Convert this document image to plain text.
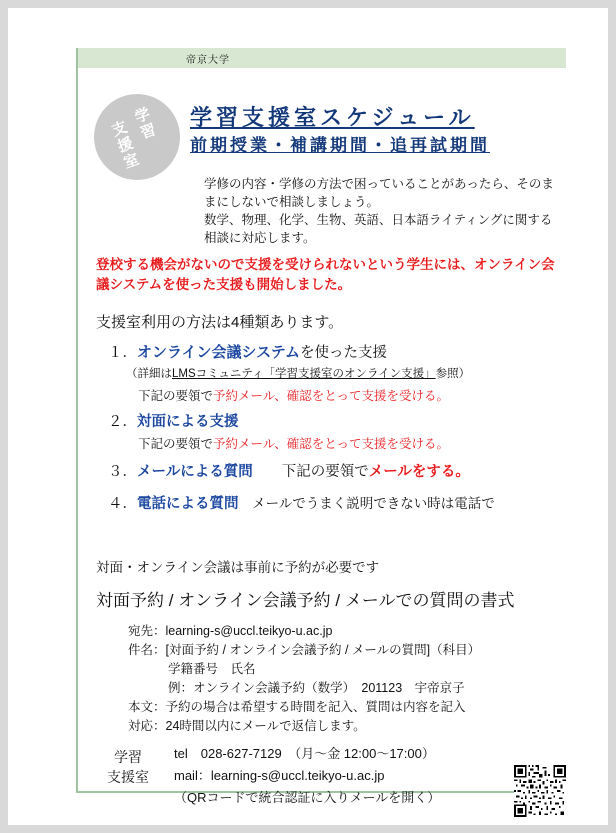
帝京大学
学習
支援室
学習支援室スケジュール
前期授業・補講期間・追再試期間
学修の内容・学修の方法で困っていることがあったら、そのま
まにしないで相談しましょう。
数学、物理、化学、生物、英語、日本語ライティングに関する
相談に対応します。
登校する機会がないので支援を受けられないという学生には、オンライン会
議システムを使った支援も開始しました。
支援室利用の方法は4種類あります。
１．オンライン会議システムを使った支援
（詳細はLMSコミュニティ「学習支援室のオンライン支援」参照）
下記の要領で予約メール、確認をとって支援を受ける。
２．対面による支援
下記の要領で予約メール、確認をとって支援を受ける。
３．メールによる質問　　下記の要領でメールをする。
４．電話による質問　メールでうまく説明できない時は電話で
対面・オンライン会議は事前に予約が必要です
対面予約 / オンライン会議予約 / メールでの質問の書式
宛先：learning-s@uccl.teikyo-u.ac.jp
件名：[対面予約 / オンライン会議予約 / メールの質問]（科目）
学籍番号　氏名
例：オンライン会議予約（数学）　201123　宇帝京子
本文：予約の場合は希望する時間を記入、質問は内容を記入
対応：24時間以内にメールで返信します。
学習
支援室
tel　028-627-7129　（月〜金 12:00〜17:00）
mail：learning-s@uccl.teikyo-u.ac.jp
（QRコードで統合認証に入りメールを開く）
